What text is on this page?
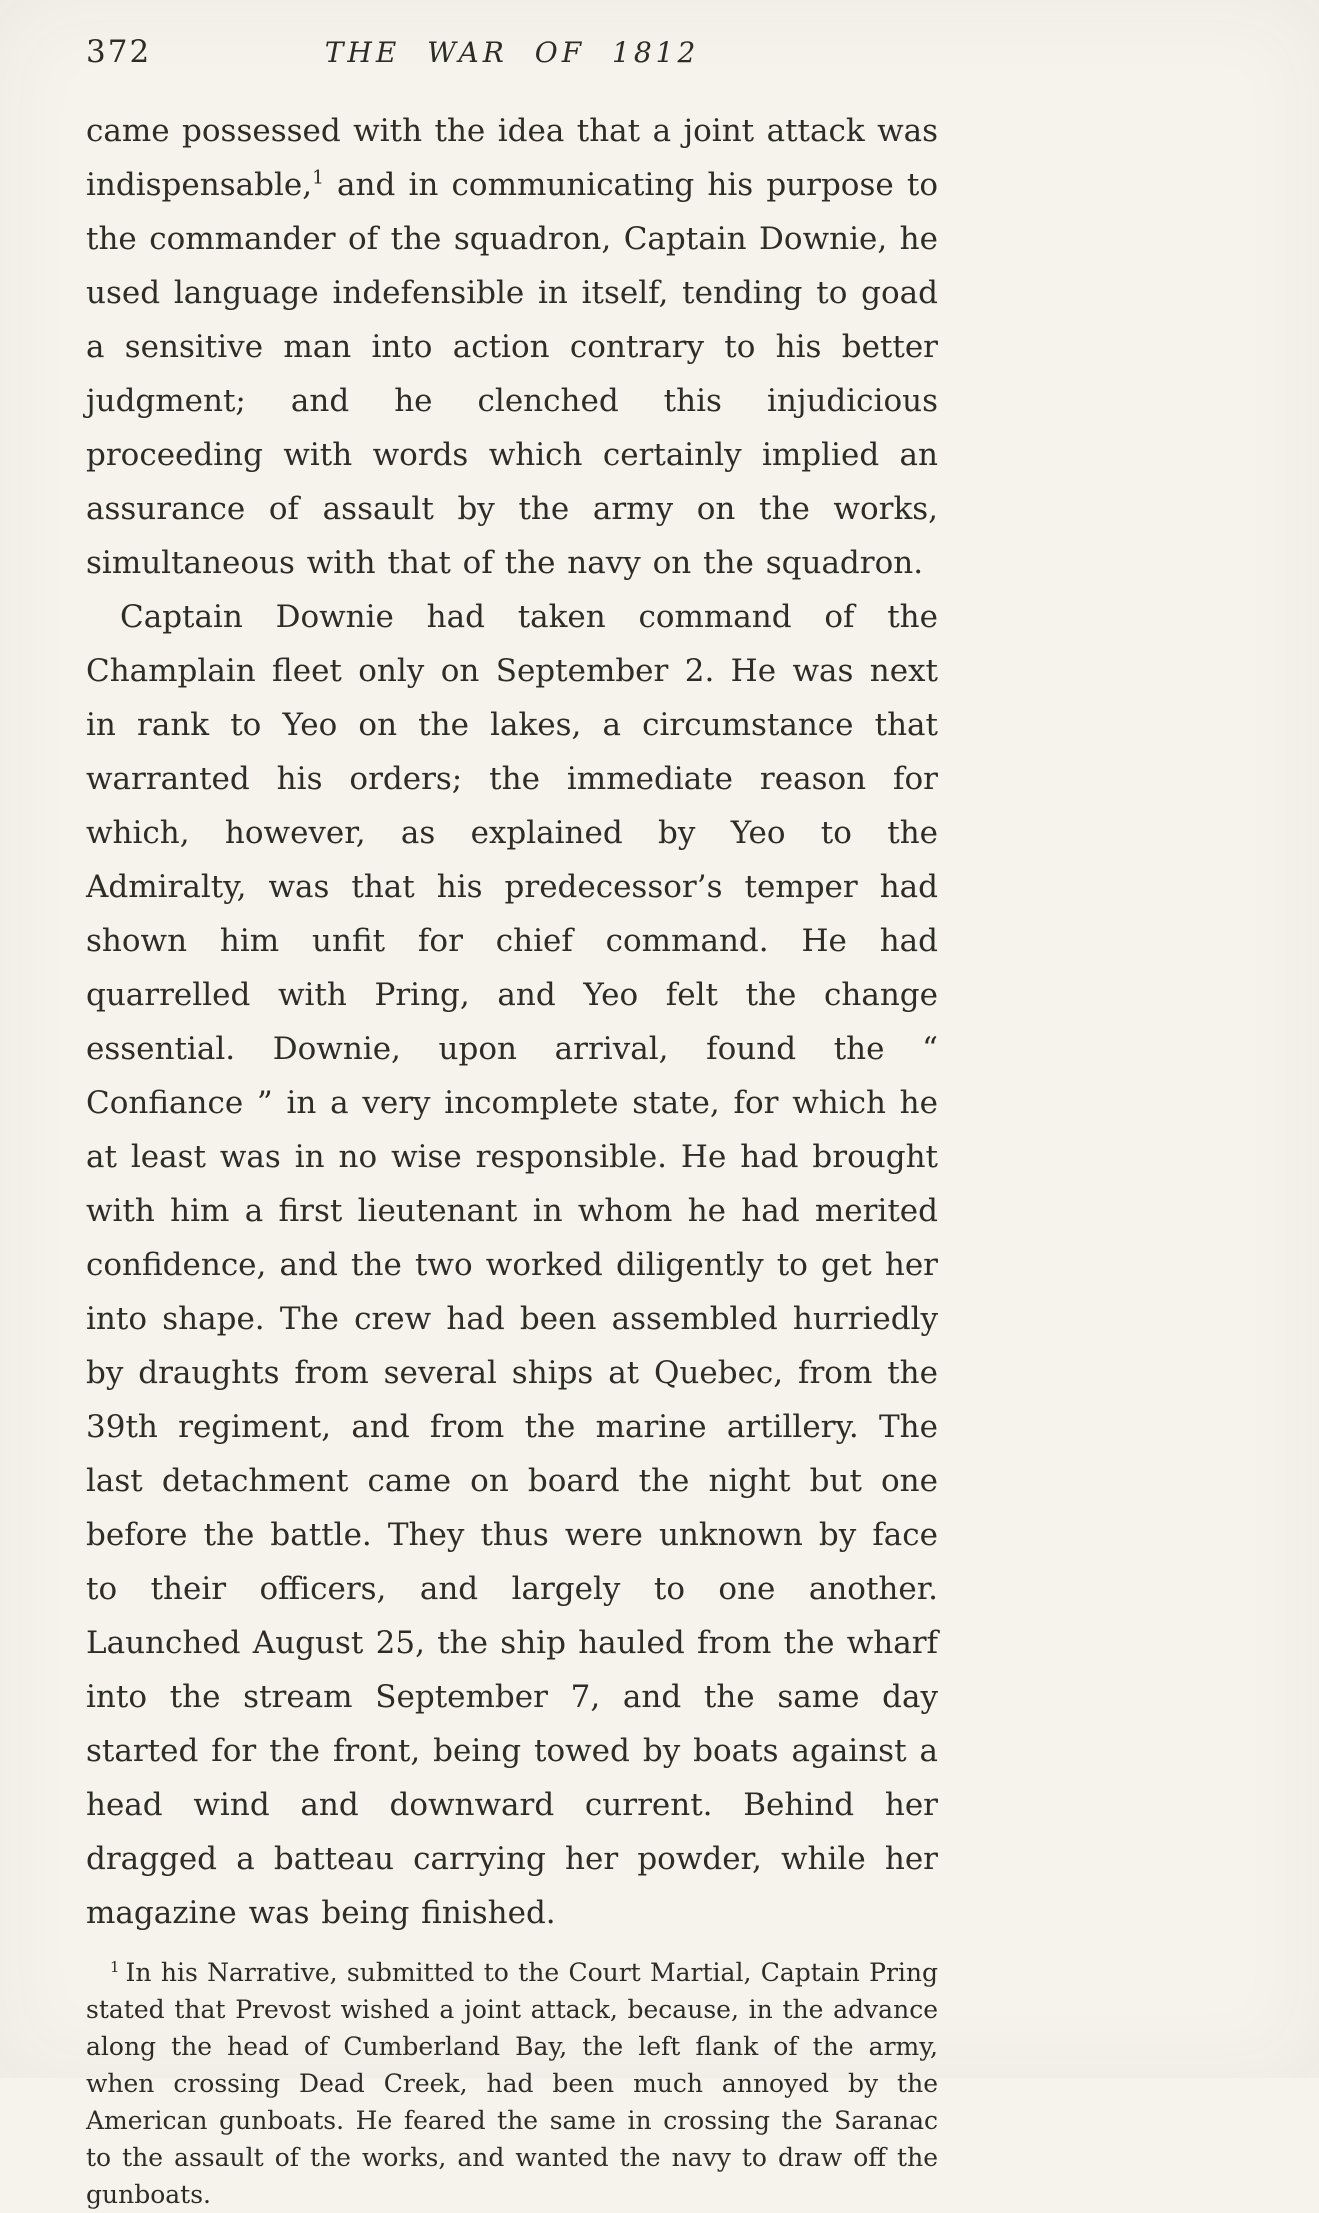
372	THE WAR OF 1812

came possessed with the idea that a joint attack was indispensable,$^1$ and in communicating his purpose to the commander of the squadron, Captain Downie, he used language indefensible in itself, tending to goad a sensitive man into action contrary to his better judgment; and he clenched this injudicious proceeding with words which certainly implied an assurance of assault by the army on the works, simultaneous with that of the navy on the squadron.

Captain Downie had taken command of the Champlain fleet only on September 2. He was next in rank to Yeo on the lakes, a circumstance that warranted his orders; the immediate reason for which, however, as explained by Yeo to the Admiralty, was that his predecessor’s temper had shown him unfit for chief command. He had quarrelled with Pring, and Yeo felt the change essential. Downie, upon arrival, found the “ Confiance ” in a very incomplete state, for which he at least was in no wise responsible. He had brought with him a first lieutenant in whom he had merited confidence, and the two worked diligently to get her into shape. The crew had been assembled hurriedly by draughts from several ships at Quebec, from the 39th regiment, and from the marine artillery. The last detachment came on board the night but one before the battle. They thus were unknown by face to their officers, and largely to one another. Launched August 25, the ship hauled from the wharf into the stream September 7, and the same day started for the front, being towed by boats against a head wind and downward current. Behind her dragged a batteau carrying her powder, while her magazine was being finished.

$^1$ In his Narrative, submitted to the Court Martial, Captain Pring stated that Prevost wished a joint attack, because, in the advance along the head of Cumberland Bay, the left flank of the army, when crossing Dead Creek, had been much annoyed by the American gunboats. He feared the same in crossing the Saranac to the assault of the works, and wanted the navy to draw off the gunboats.
